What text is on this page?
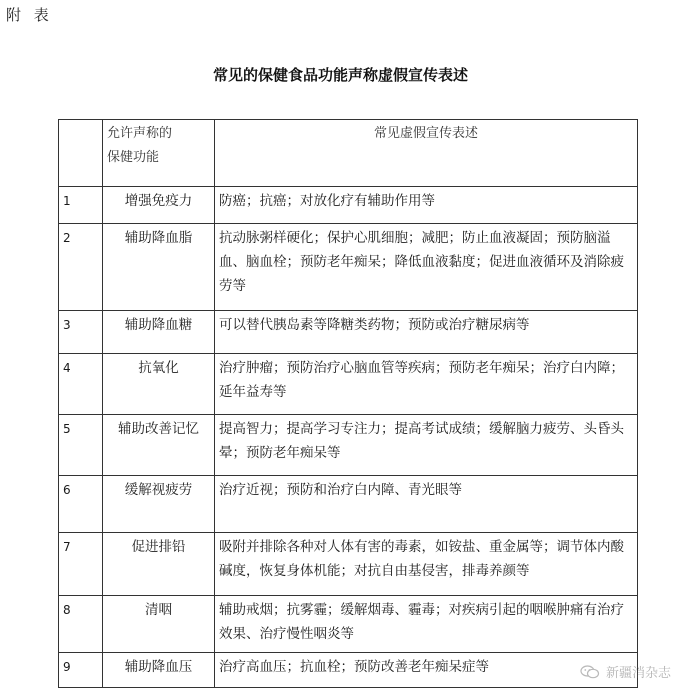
附 表
常见的保健食品功能声称虚假宣传表述
	允许声称的
保健功能	常见虚假宣传表述
1	增强免疫力	防癌；抗癌；对放化疗有辅助作用等
2	辅助降血脂	抗动脉粥样硬化；保护心肌细胞；减肥；防止血液凝固；预防脑溢血、脑血栓；预防老年痴呆；降低血液黏度；促进血液循环及消除疲劳等
3	辅助降血糖	可以替代胰岛素等降糖类药物；预防或治疗糖尿病等
4	抗氧化	治疗肿瘤；预防治疗心脑血管等疾病；预防老年痴呆；治疗白内障；延年益寿等
5	辅助改善记忆	提高智力；提高学习专注力；提高考试成绩；缓解脑力疲劳、头昏头晕；预防老年痴呆等
6	缓解视疲劳	治疗近视；预防和治疗白内障、青光眼等
7	促进排铅	吸附并排除各种对人体有害的毒素，如铵盐、重金属等；调节体内酸碱度，恢复身体机能；对抗自由基侵害，排毒养颜等
8	清咽	辅助戒烟；抗雾霾；缓解烟毒、霾毒；对疾病引起的咽喉肿痛有治疗效果、治疗慢性咽炎等
9	辅助降血压	治疗高血压；抗血栓；预防改善老年痴呆症等	新疆消杂志
